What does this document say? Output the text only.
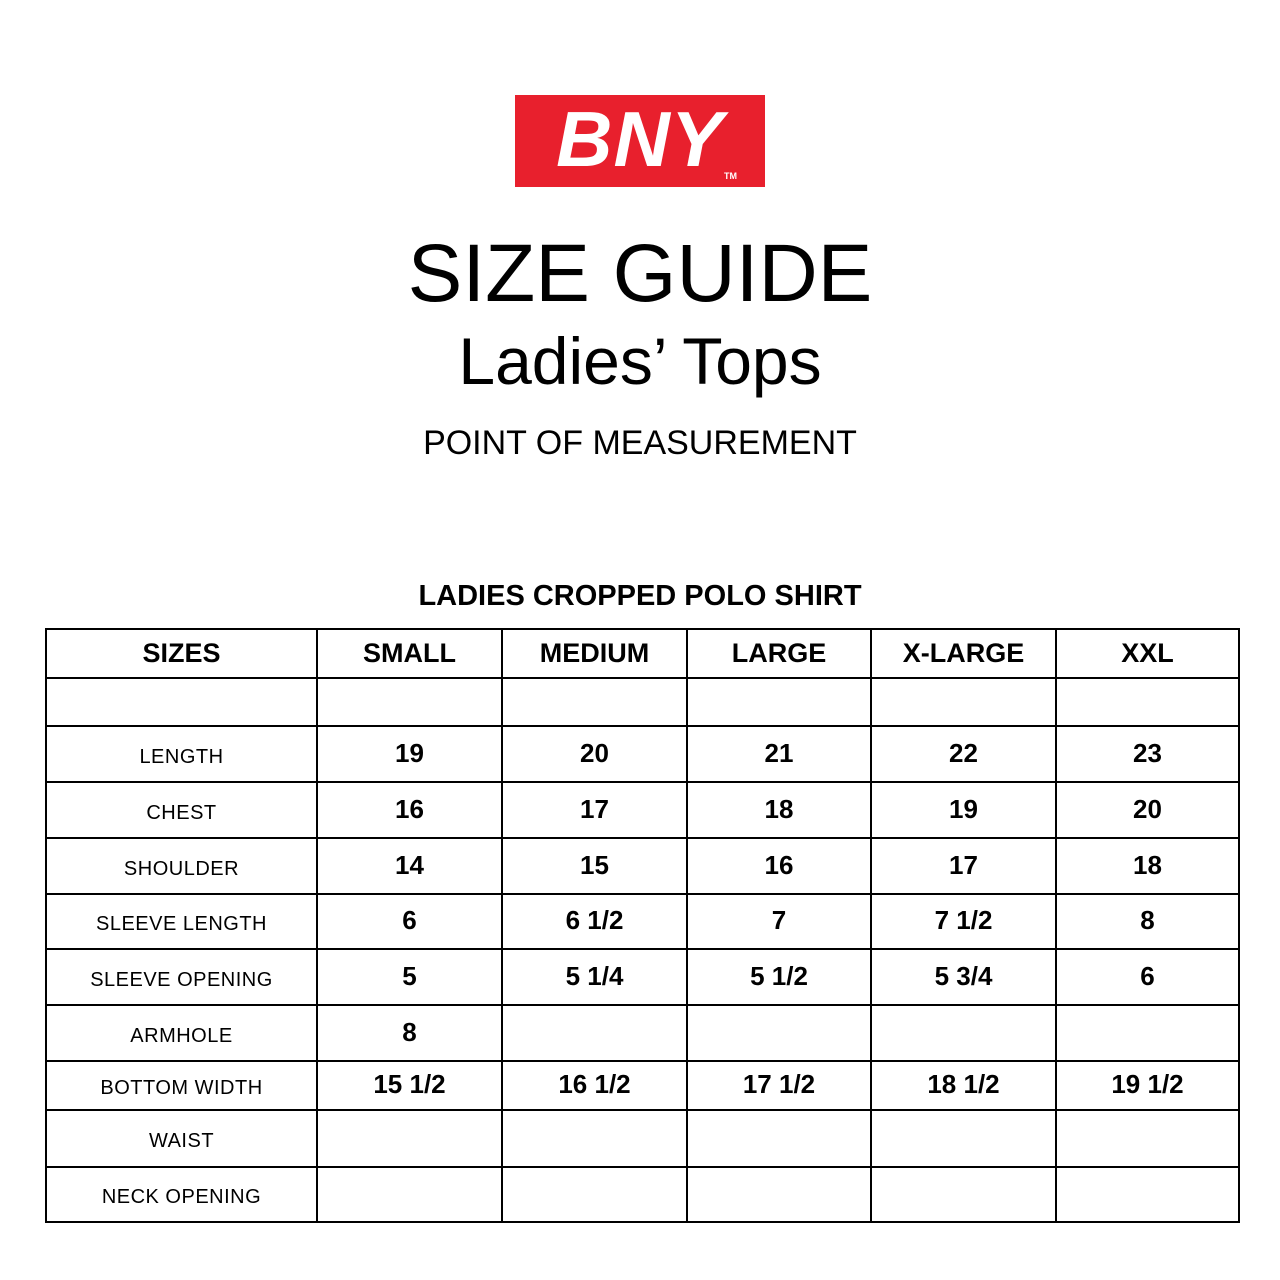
BNY TM
SIZE GUIDE
Ladies’ Tops
POINT OF MEASUREMENT
LADIES CROPPED POLO SHIRT
SIZES	SMALL	MEDIUM	LARGE	X-LARGE	XXL

LENGTH	19	20	21	22	23
CHEST	16	17	18	19	20
SHOULDER	14	15	16	17	18
SLEEVE LENGTH	6	6 1/2	7	7 1/2	8
SLEEVE OPENING	5	5 1/4	5 1/2	5 3/4	6
ARMHOLE	8				
BOTTOM WIDTH	15 1/2	16 1/2	17 1/2	18 1/2	19 1/2
WAIST					
NECK OPENING					
